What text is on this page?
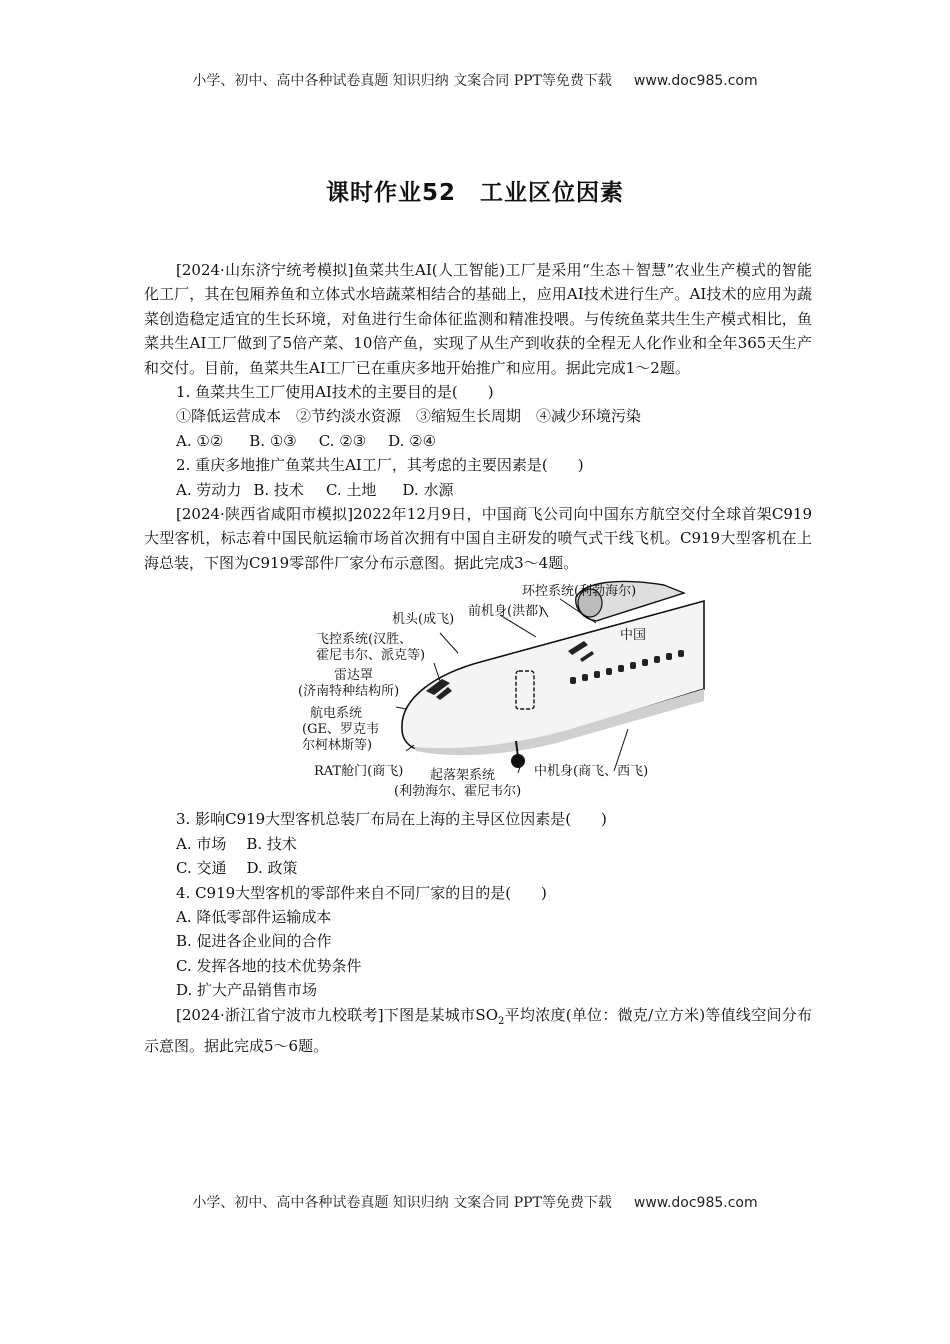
小学、初中、高中各种试卷真题 知识归纳 文案合同 PPT等免费下载 www.doc985.com
课时作业52　工业区位因素

[2024·山东济宁统考模拟]鱼菜共生AI(人工智能)工厂是采用“生态＋智慧”农业生产模式的智能化工厂，其在包厢养鱼和立体式水培蔬菜相结合的基础上，应用AI技术进行生产。AI技术的应用为蔬菜创造稳定适宜的生长环境，对鱼进行生命体征监测和精准投喂。与传统鱼菜共生生产模式相比，鱼菜共生AI工厂做到了5倍产菜、10倍产鱼，实现了从生产到收获的全程无人化作业和全年365天生产和交付。目前，鱼菜共生AI工厂已在重庆多地开始推广和应用。据此完成1～2题。

1. 鱼菜共生工厂使用AI技术的主要目的是(　　)

①降低运营成本　②节约淡水资源　③缩短生长周期　④减少环境污染

A. ①② B. ①③ C. ②③ D. ②④

2. 重庆多地推广鱼菜共生AI工厂，其考虑的主要因素是(　　)

A. 劳动力 B. 技术 C. 土地 D. 水源

[2024·陕西省咸阳市模拟]2022年12月9日，中国商飞公司向中国东方航空交付全球首架C919大型客机，标志着中国民航运输市场首次拥有中国自主研发的喷气式干线飞机。C919大型客机在上海总装，下图为C919零部件厂家分布示意图。据此完成3～4题。

中国
环控系统(利勃海尔)
前机身(洪都)
机头(成飞)
飞控系统(汉胜、
霍尼韦尔、派克等)
雷达罩
(济南特种结构所)
航电系统
(GE、罗克韦
尔柯林斯等)
RAT舱门(商飞) 起落架系统
(利勃海尔、霍尼韦尔)
中机身(商飞、西飞)

3. 影响C919大型客机总装厂布局在上海的主导区位因素是(　　)

A. 市场 B. 技术

C. 交通 D. 政策

4. C919大型客机的零部件来自不同厂家的目的是(　　)

A. 降低零部件运输成本

B. 促进各企业间的合作

C. 发挥各地的技术优势条件

D. 扩大产品销售市场

[2024·浙江省宁波市九校联考]下图是某城市$SO_2$平均浓度(单位：微克/立方米)等值线空间分布示意图。据此完成5～6题。

小学、初中、高中各种试卷真题 知识归纳 文案合同 PPT等免费下载 www.doc985.com
